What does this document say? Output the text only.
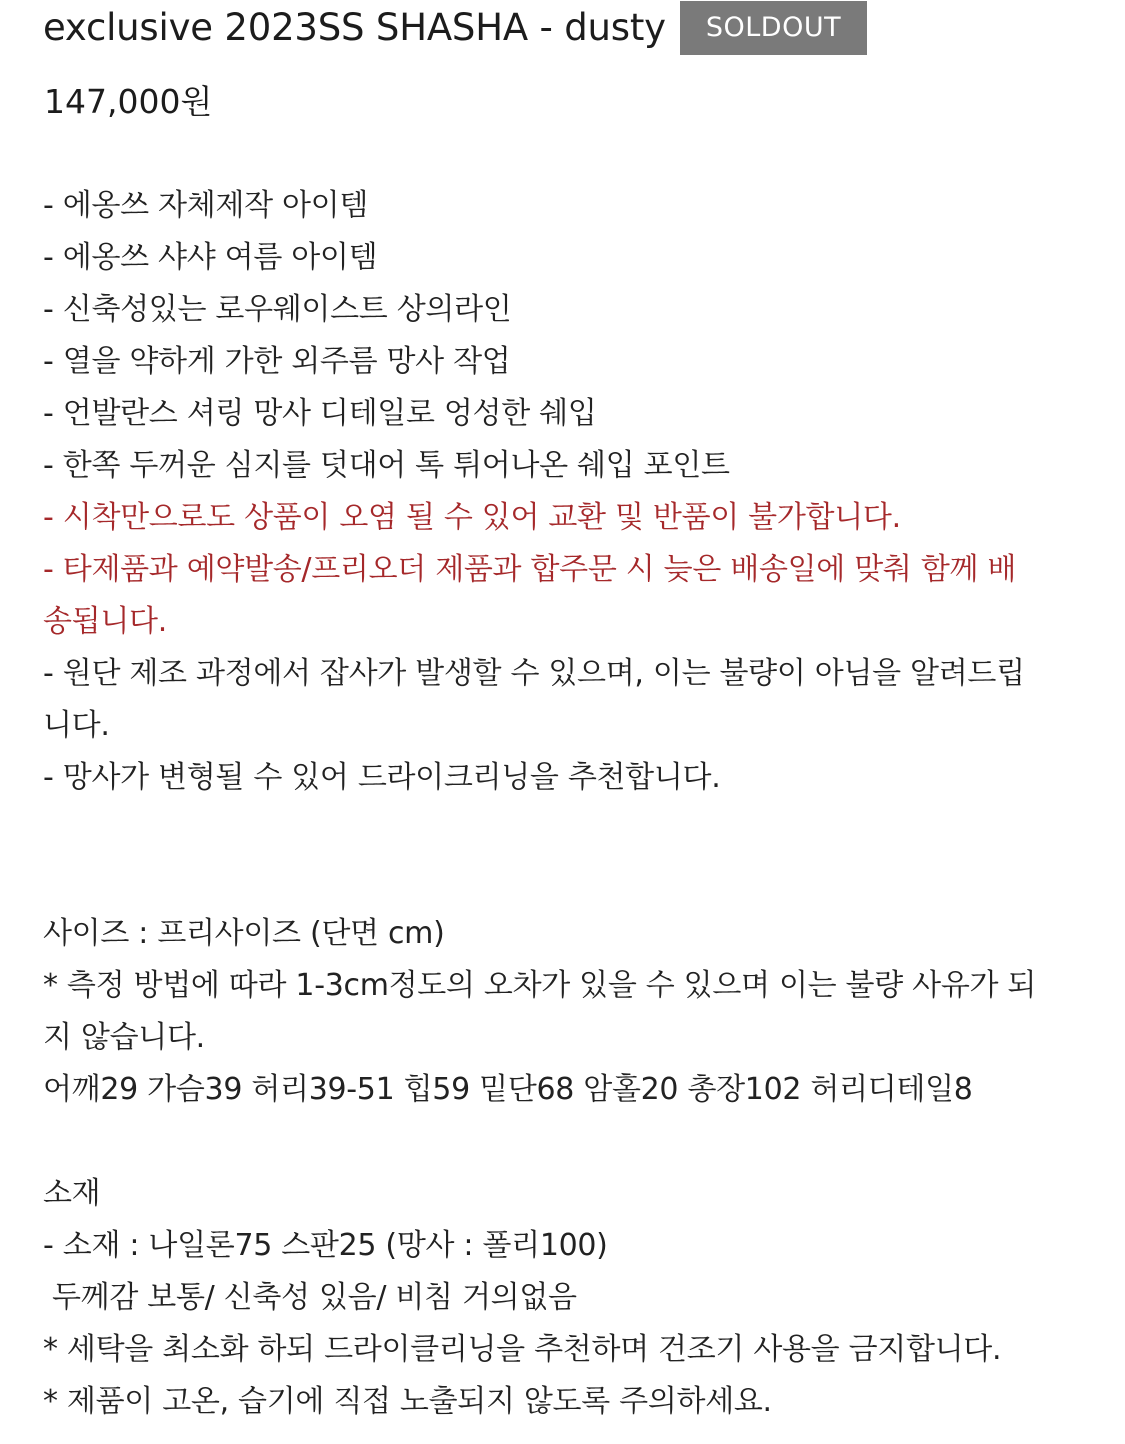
exclusive 2023SS SHASHA - dusty	SOLDOUT
147,000원
- 에옹쓰 자체제작 아이템
- 에옹쓰 샤샤 여름 아이템
- 신축성있는 로우웨이스트 상의라인
- 열을 약하게 가한 외주름 망사 작업
- 언발란스 셔링 망사 디테일로 엉성한 쉐입
- 한쪽 두꺼운 심지를 덧대어 톡 튀어나온 쉐입 포인트
- 시착만으로도 상품이 오염 될 수 있어 교환 및 반품이 불가합니다.
- 타제품과 예약발송/프리오더 제품과 합주문 시 늦은 배송일에 맞춰 함께 배
송됩니다.
- 원단 제조 과정에서 잡사가 발생할 수 있으며, 이는 불량이 아님을 알려드립
니다.
- 망사가 변형될 수 있어 드라이크리닝을 추천합니다.
사이즈 : 프리사이즈 (단면 cm)
* 측정 방법에 따라 1-3cm정도의 오차가 있을 수 있으며 이는 불량 사유가 되
지 않습니다.
어깨29 가슴39 허리39-51 힙59 밑단68 암홀20 총장102 허리디테일8
소재
- 소재 : 나일론75 스판25 (망사 : 폴리100)
두께감 보통/ 신축성 있음/ 비침 거의없음
* 세탁을 최소화 하되 드라이클리닝을 추천하며 건조기 사용을 금지합니다.
* 제품이 고온, 습기에 직접 노출되지 않도록 주의하세요.
